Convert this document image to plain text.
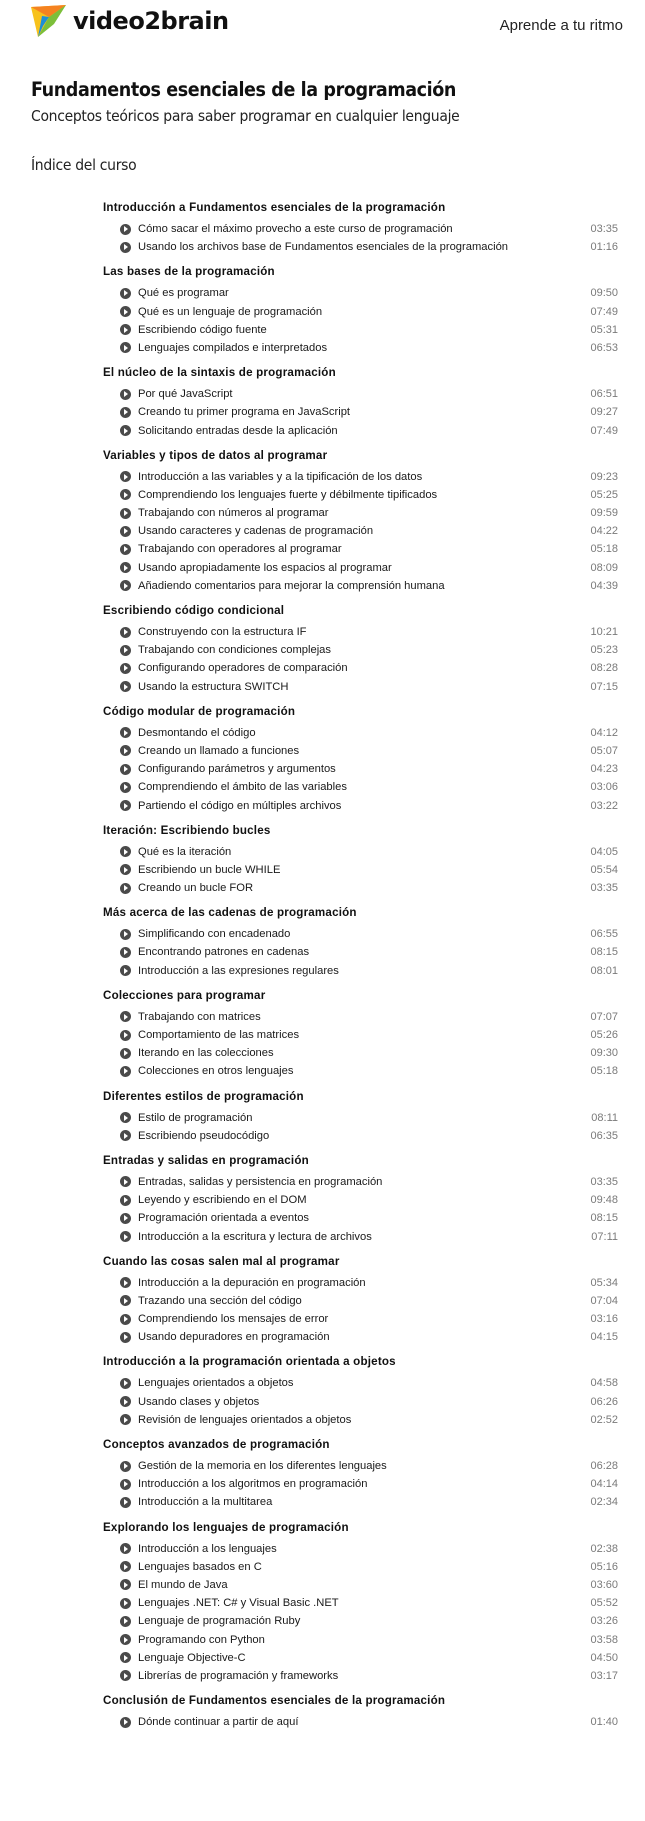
video2brain	Aprende a tu ritmo
Fundamentos esenciales de la programación
Conceptos teóricos para saber programar en cualquier lenguaje
Índice del curso
Introducción a Fundamentos esenciales de la programación
Cómo sacar el máximo provecho a este curso de programación	03:35
Usando los archivos base de Fundamentos esenciales de la programación	01:16
Las bases de la programación
Qué es programar	09:50
Qué es un lenguaje de programación	07:49
Escribiendo código fuente	05:31
Lenguajes compilados e interpretados	06:53
El núcleo de la sintaxis de programación
Por qué JavaScript	06:51
Creando tu primer programa en JavaScript	09:27
Solicitando entradas desde la aplicación	07:49
Variables y tipos de datos al programar
Introducción a las variables y a la tipificación de los datos	09:23
Comprendiendo los lenguajes fuerte y débilmente tipificados	05:25
Trabajando con números al programar	09:59
Usando caracteres y cadenas de programación	04:22
Trabajando con operadores al programar	05:18
Usando apropiadamente los espacios al programar	08:09
Añadiendo comentarios para mejorar la comprensión humana	04:39
Escribiendo código condicional
Construyendo con la estructura IF	10:21
Trabajando con condiciones complejas	05:23
Configurando operadores de comparación	08:28
Usando la estructura SWITCH	07:15
Código modular de programación
Desmontando el código	04:12
Creando un llamado a funciones	05:07
Configurando parámetros y argumentos	04:23
Comprendiendo el ámbito de las variables	03:06
Partiendo el código en múltiples archivos	03:22
Iteración: Escribiendo bucles
Qué es la iteración	04:05
Escribiendo un bucle WHILE	05:54
Creando un bucle FOR	03:35
Más acerca de las cadenas de programación
Simplificando con encadenado	06:55
Encontrando patrones en cadenas	08:15
Introducción a las expresiones regulares	08:01
Colecciones para programar
Trabajando con matrices	07:07
Comportamiento de las matrices	05:26
Iterando en las colecciones	09:30
Colecciones en otros lenguajes	05:18
Diferentes estilos de programación
Estilo de programación	08:11
Escribiendo pseudocódigo	06:35
Entradas y salidas en programación
Entradas, salidas y persistencia en programación	03:35
Leyendo y escribiendo en el DOM	09:48
Programación orientada a eventos	08:15
Introducción a la escritura y lectura de archivos	07:11
Cuando las cosas salen mal al programar
Introducción a la depuración en programación	05:34
Trazando una sección del código	07:04
Comprendiendo los mensajes de error	03:16
Usando depuradores en programación	04:15
Introducción a la programación orientada a objetos
Lenguajes orientados a objetos	04:58
Usando clases y objetos	06:26
Revisión de lenguajes orientados a objetos	02:52
Conceptos avanzados de programación
Gestión de la memoria en los diferentes lenguajes	06:28
Introducción a los algoritmos en programación	04:14
Introducción a la multitarea	02:34
Explorando los lenguajes de programación
Introducción a los lenguajes	02:38
Lenguajes basados en C	05:16
El mundo de Java	03:60
Lenguajes .NET: C# y Visual Basic .NET	05:52
Lenguaje de programación Ruby	03:26
Programando con Python	03:58
Lenguaje Objective-C	04:50
Librerías de programación y frameworks	03:17
Conclusión de Fundamentos esenciales de la programación
Dónde continuar a partir de aquí	01:40
